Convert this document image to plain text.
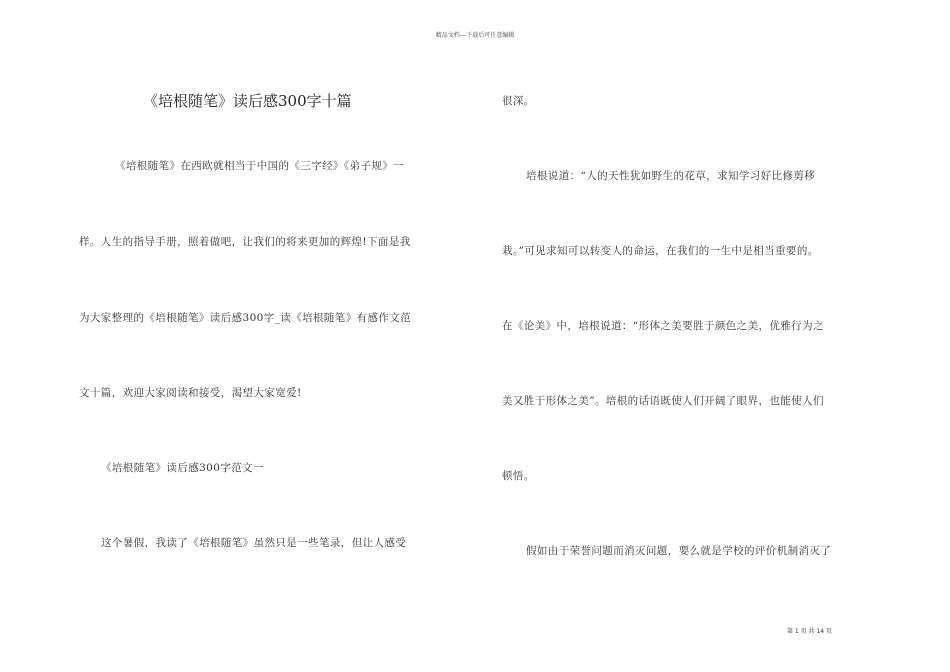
精品文档---下载后可任意编辑
《培根随笔》读后感300字十篇
《培根随笔》在西欧就相当于中国的《三字经》《弟子规》一
样。人生的指导手册，照着做吧，让我们的将来更加的辉煌!下面是我
为大家整理的《培根随笔》读后感300字_读《培根随笔》有感作文范
文十篇，欢迎大家阅读和接受，渴望大家宽爱!
《培根随笔》读后感300字范文一
这个暑假，我读了《培根随笔》虽然只是一些笔录，但让人感受
很深。
培根说道：“人的天性犹如野生的花草，求知学习好比修剪移
栽。”可见求知可以转变人的命运，在我们的一生中是相当重要的。
在《论美》中，培根说道：“形体之美要胜于颜色之美，优雅行为之
美又胜于形体之美”。培根的话语既使人们开阔了眼界，也能使人们
顿悟。
假如由于荣誉问题而消灭问题，要么就是学校的评价机制消灭了
第 1 页 共 14 页
